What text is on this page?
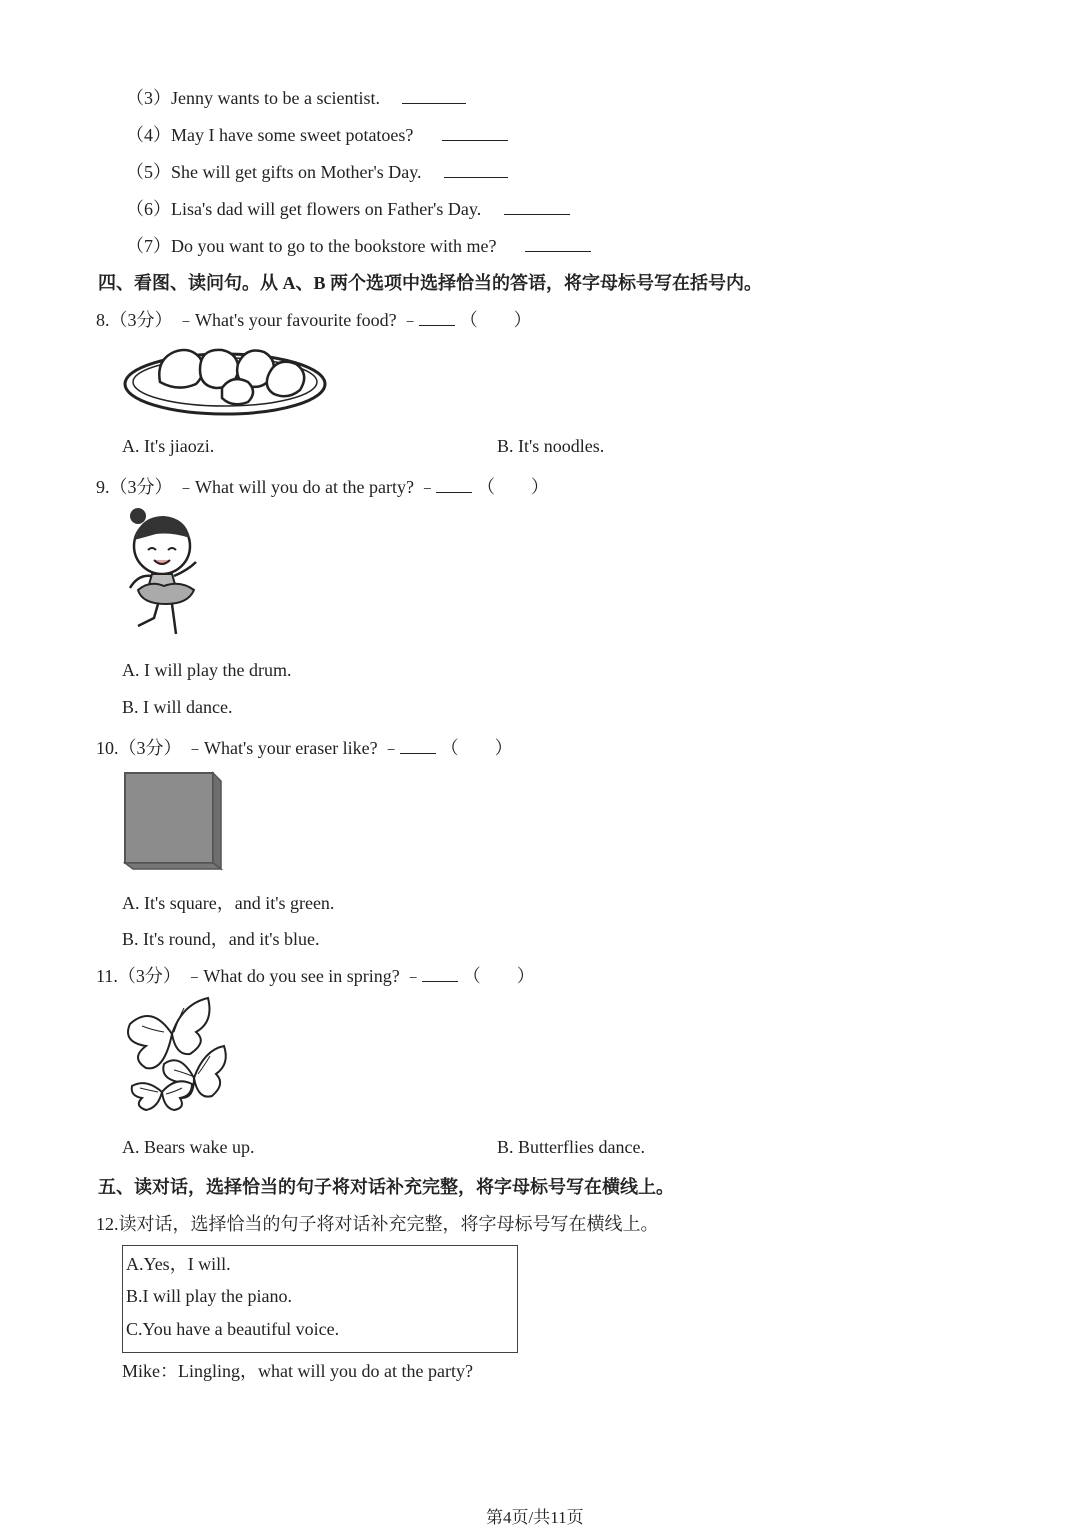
（3）Jenny wants to be a scientist.
（4）May I have some sweet potatoes?
（5）She will get gifts on Mother's Day.
（6）Lisa's dad will get flowers on Father's Day.
（7）Do you want to go to the bookstore with me?
四、看图、读问句。从 A、B 两个选项中选择恰当的答语，将字母标号写在括号内。
8.（3分） ﹣What's your favourite food? ﹣ （　　）
A. It's jiaozi.	B. It's noodles.
9.（3分） ﹣What will you do at the party? ﹣ （　　）
A. I will play the drum.
B. I will dance.
10.（3分） ﹣What's your eraser like? ﹣ （　　）
A. It's square，and it's green.
B. It's round，and it's blue.
11.（3分） ﹣What do you see in spring? ﹣ （　　）
A. Bears wake up.	B. Butterflies dance.
五、读对话，选择恰当的句子将对话补充完整，将字母标号写在横线上。
12.读对话，选择恰当的句子将对话补充完整，将字母标号写在横线上。
A.Yes，I will.
B.I will play the piano.
C.You have a beautiful voice.
Mike：Lingling，what will you do at the party?
第4页/共11页
